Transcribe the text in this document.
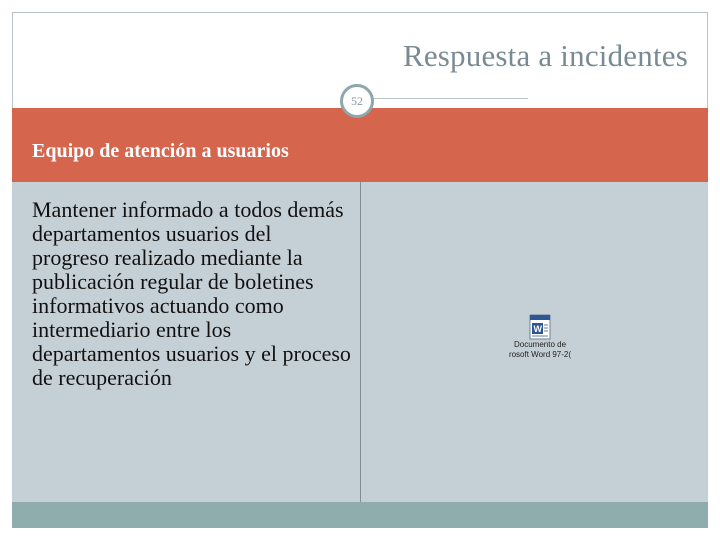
Respuesta a incidentes
52
Equipo de atención a usuarios
Mantener informado a todos demás departamentos usuarios del progreso realizado mediante la publicación regular de boletines informativos actuando como intermediario entre los departamentos usuarios y el proceso de recuperación
W
Documento de
rosoft Word 97-2(
